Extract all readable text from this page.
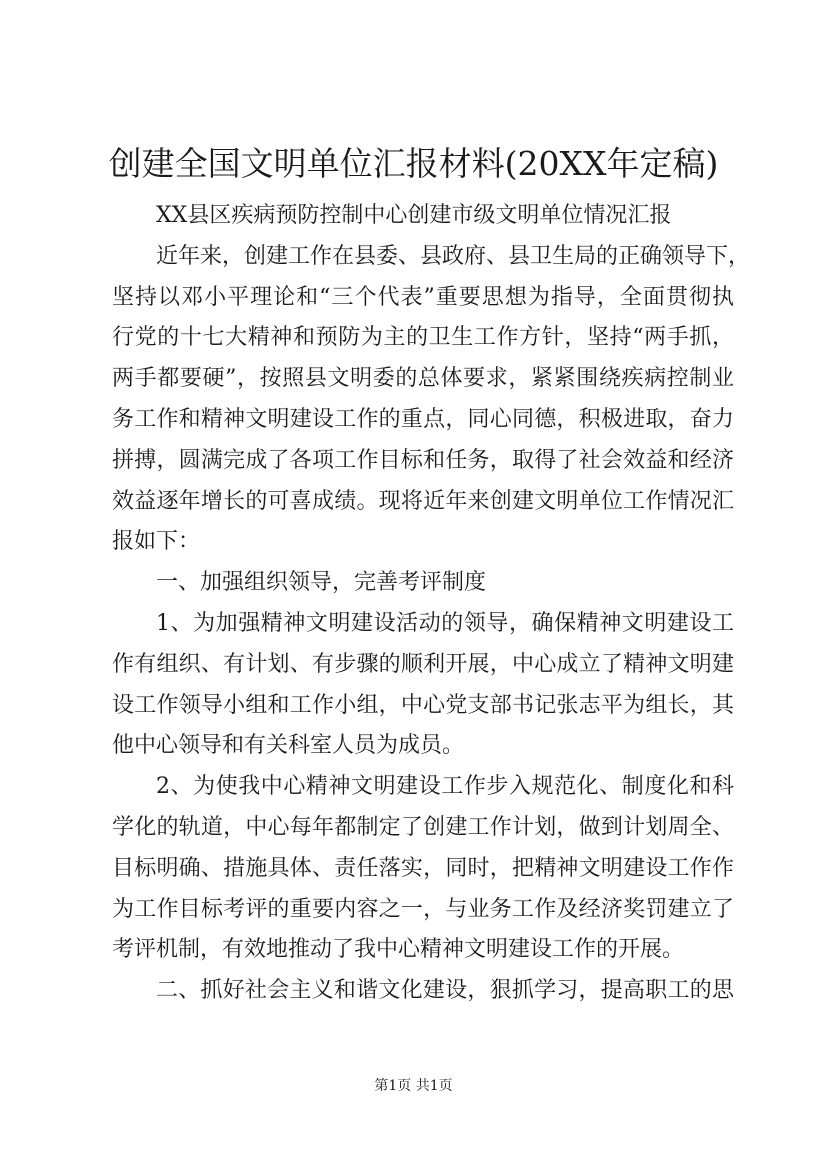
创建全国文明单位汇报材料(20XX年定稿)
XX县区疾病预防控制中心创建市级文明单位情况汇报
近年来，创建工作在县委、县政府、县卫生局的正确领导下，
坚持以邓小平理论和“三个代表”重要思想为指导，全面贯彻执
行党的十七大精神和预防为主的卫生工作方针，坚持“两手抓，
两手都要硬”，按照县文明委的总体要求，紧紧围绕疾病控制业
务工作和精神文明建设工作的重点，同心同德，积极进取，奋力
拼搏，圆满完成了各项工作目标和任务，取得了社会效益和经济
效益逐年增长的可喜成绩。现将近年来创建文明单位工作情况汇
报如下：
一、加强组织领导，完善考评制度
1、为加强精神文明建设活动的领导，确保精神文明建设工
作有组织、有计划、有步骤的顺利开展，中心成立了精神文明建
设工作领导小组和工作小组，中心党支部书记张志平为组长，其
他中心领导和有关科室人员为成员。
2、为使我中心精神文明建设工作步入规范化、制度化和科
学化的轨道，中心每年都制定了创建工作计划，做到计划周全、
目标明确、措施具体、责任落实，同时，把精神文明建设工作作
为工作目标考评的重要内容之一，与业务工作及经济奖罚建立了
考评机制，有效地推动了我中心精神文明建设工作的开展。
二、抓好社会主义和谐文化建设，狠抓学习，提高职工的思
第1页 共1页
